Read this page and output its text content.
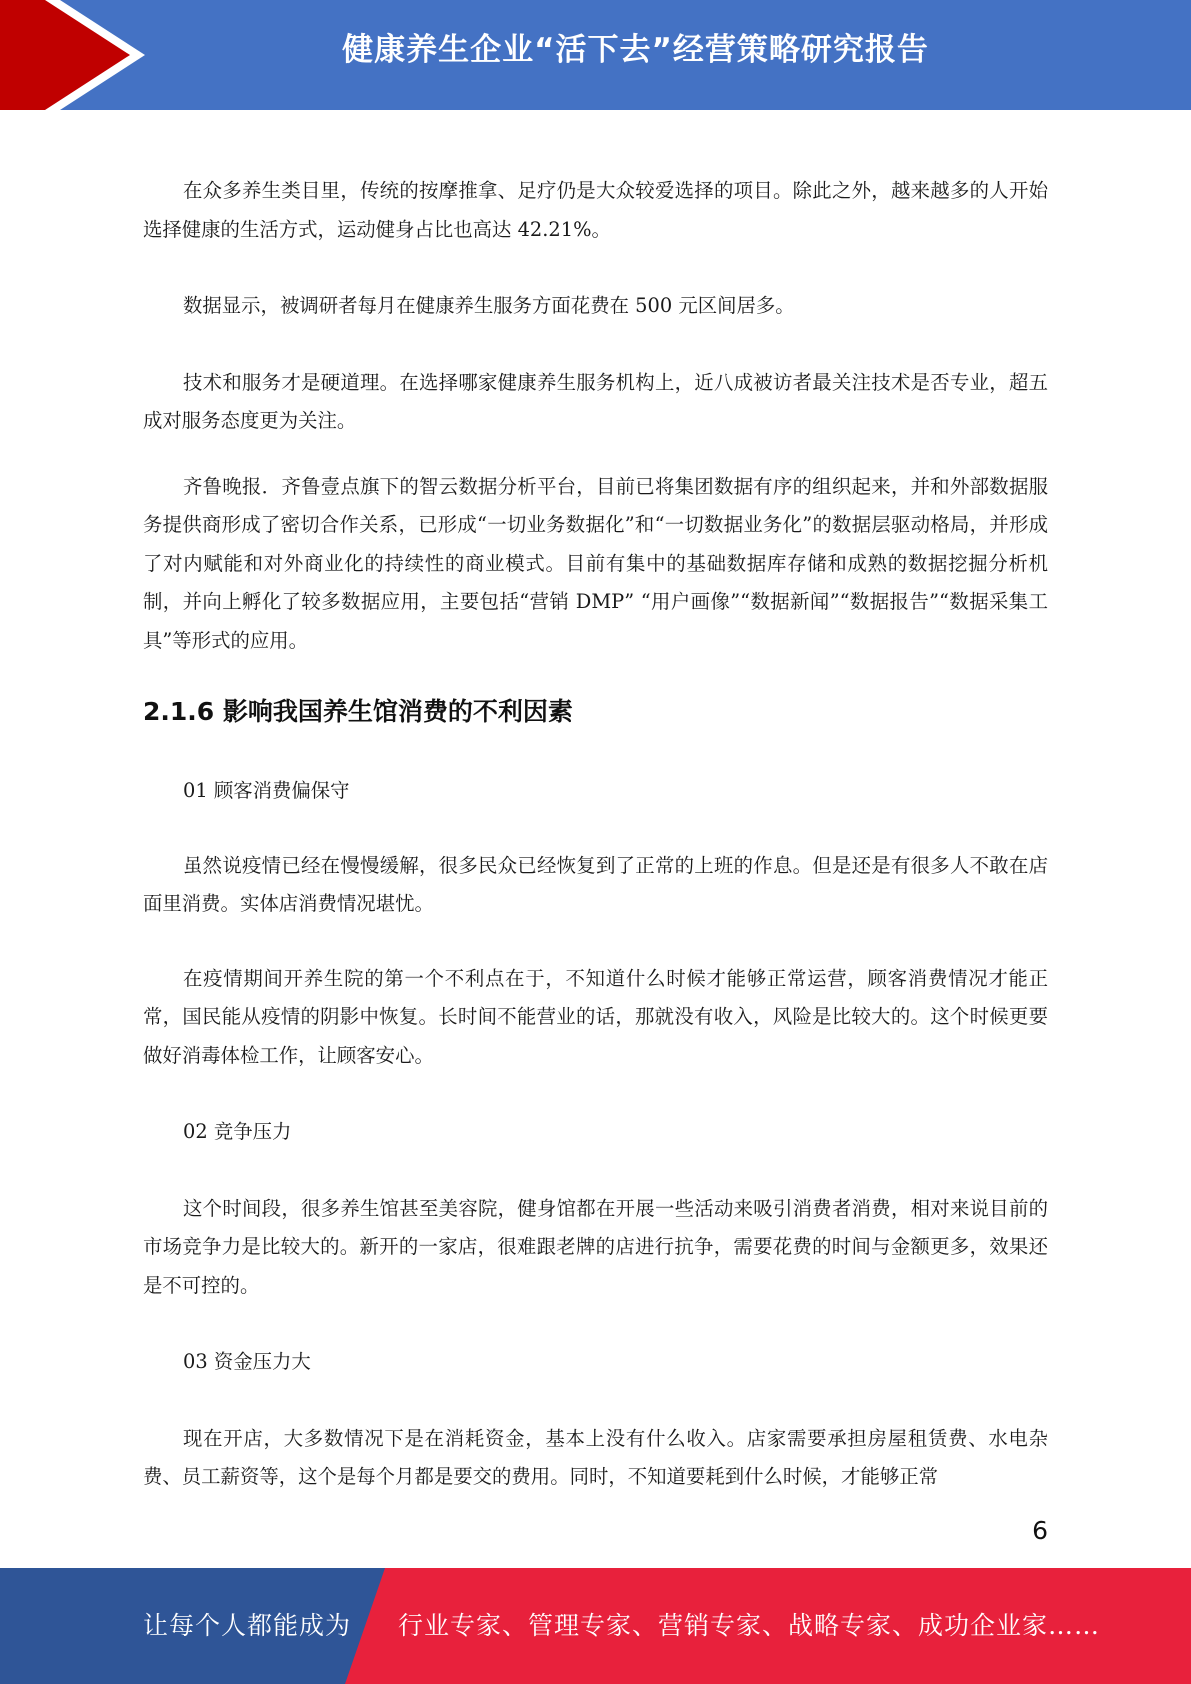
健康养生企业“活下去”经营策略研究报告

在众多养生类目里，传统的按摩推拿、足疗仍是大众较爱选择的项目。除此之外，越来越多的人开始选择健康的生活方式，运动健身占比也高达 42.21%。

数据显示，被调研者每月在健康养生服务方面花费在 500 元区间居多。

技术和服务才是硬道理。在选择哪家健康养生服务机构上，近八成被访者最关注技术是否专业，超五成对服务态度更为关注。

齐鲁晚报．齐鲁壹点旗下的智云数据分析平台，目前已将集团数据有序的组织起来，并和外部数据服务提供商形成了密切合作关系，已形成“一切业务数据化”和“一切数据业务化”的数据层驱动格局，并形成了对内赋能和对外商业化的持续性的商业模式。目前有集中的基础数据库存储和成熟的数据挖掘分析机制，并向上孵化了较多数据应用，主要包括“营销 DMP” “用户画像”“数据新闻”“数据报告”“数据采集工具”等形式的应用。

2.1.6 影响我国养生馆消费的不利因素

01 顾客消费偏保守

虽然说疫情已经在慢慢缓解，很多民众已经恢复到了正常的上班的作息。但是还是有很多人不敢在店面里消费。实体店消费情况堪忧。

在疫情期间开养生院的第一个不利点在于，不知道什么时候才能够正常运营，顾客消费情况才能正常，国民能从疫情的阴影中恢复。长时间不能营业的话，那就没有收入，风险是比较大的。这个时候更要做好消毒体检工作，让顾客安心。

02 竞争压力

这个时间段，很多养生馆甚至美容院，健身馆都在开展一些活动来吸引消费者消费，相对来说目前的市场竞争力是比较大的。新开的一家店，很难跟老牌的店进行抗争，需要花费的时间与金额更多，效果还是不可控的。

03 资金压力大

现在开店，大多数情况下是在消耗资金，基本上没有什么收入。店家需要承担房屋租赁费、水电杂费、员工薪资等，这个是每个月都是要交的费用。同时，不知道要耗到什么时候，才能够正常

6
让每个人都能成为 行业专家、管理专家、营销专家、战略专家、成功企业家……
